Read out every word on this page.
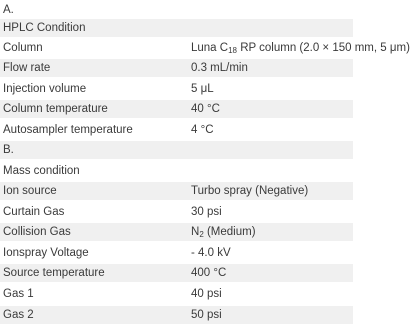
A.
HPLC Condition
Column	Luna $C_{18}$ RP column (2.0 × 150 mm, 5 μm)
Flow rate	0.3 mL/min
Injection volume	5 μL
Column temperature	40 °C
Autosampler temperature	4 °C
B.
Mass condition
Ion source	Turbo spray (Negative)
Curtain Gas	30 psi
Collision Gas	$N_2$ (Medium)
Ionspray Voltage	- 4.0 kV
Source temperature	400 °C
Gas 1	40 psi
Gas 2	50 psi
